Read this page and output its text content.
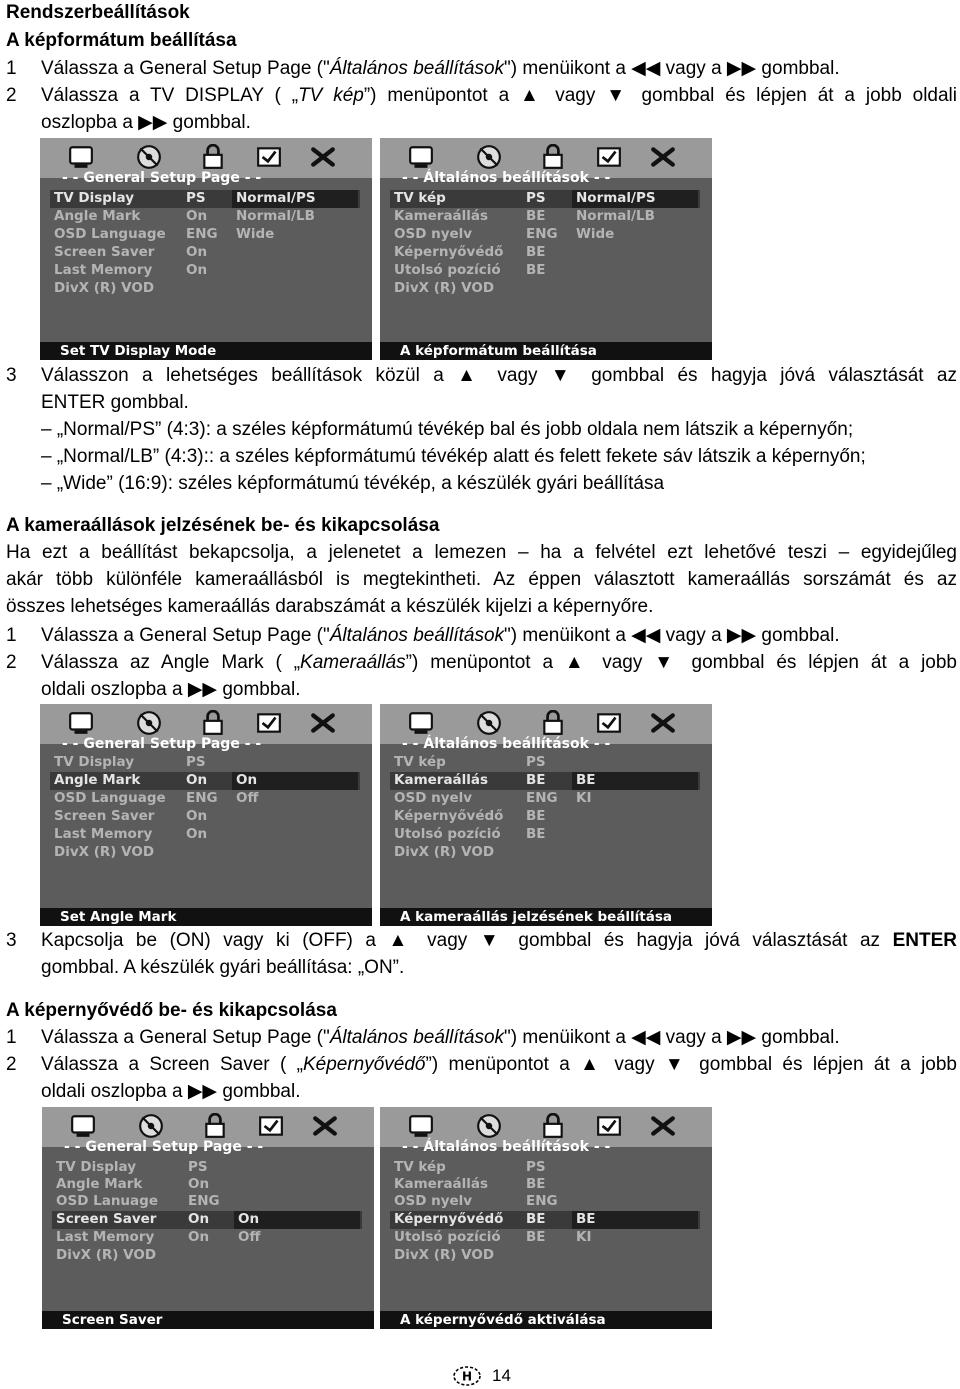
Rendszerbeállítások
A képformátum beállítása
1 Válassza a General Setup Page ("Általános beállítások") menüikont a ◀◀ vagy a ▶▶ gombbal.
2 Válassza a TV DISPLAY ( „TV kép”) menüpontot a ▲ vagy ▼ gombbal és lépjen át a jobb oldali
oszlopba a ▶▶ gombbal.
- - General Setup Page - -
TV Display	PS Normal/PS
Angle Mark	On Normal/LB
OSD Language ENG Wide
Screen Saver On
Last Memory On
DivX (R) VOD
Set TV Display Mode
- - Általános beállítások - -
TV kép	PS Normal/PS
Kameraállás	BE Normal/LB
OSD nyelv	ENG Wide
Képernyővédő BE
Utolsó pozíció BE
DivX (R) VOD
A képformátum beállítása
3 Válasszon a lehetséges beállítások közül a ▲ vagy ▼ gombbal és hagyja jóvá választását az
ENTER gombbal.
– „Normal/PS” (4:3): a széles képformátumú tévékép bal és jobb oldala nem látszik a képernyőn;
– „Normal/LB” (4:3):: a széles képformátumú tévékép alatt és felett fekete sáv látszik a képernyőn;
– „Wide” (16:9): széles képformátumú tévékép, a készülék gyári beállítása
A kameraállások jelzésének be- és kikapcsolása
Ha ezt a beállítást bekapcsolja, a jelenetet a lemezen – ha a felvétel ezt lehetővé teszi – egyidejűleg
akár több különféle kameraállásból is megtekintheti. Az éppen választott kameraállás sorszámát és az
összes lehetséges kameraállás darabszámát a készülék kijelzi a képernyőre.
1 Válassza a General Setup Page ("Általános beállítások") menüikont a ◀◀ vagy a ▶▶ gombbal.
2 Válassza az Angle Mark ( „Kameraállás”) menüpontot a ▲ vagy ▼ gombbal és lépjen át a jobb
oldali oszlopba a ▶▶ gombbal.
- - General Setup Page - -
TV Display	PS
Angle Mark	On On
OSD Language ENG Off
Screen Saver On
Last Memory On
DivX (R) VOD
Set Angle Mark
- - Általános beállítások - -
TV kép	PS
Kameraállás	BE BE
OSD nyelv	ENG KI
Képernyővédő BE
Utolsó pozíció BE
DivX (R) VOD
A kameraállás jelzésének beállítása
3 Kapcsolja be (ON) vagy ki (OFF) a ▲ vagy ▼ gombbal és hagyja jóvá választását az ENTER
gombbal. A készülék gyári beállítása: „ON”.
A képernyővédő be- és kikapcsolása
1 Válassza a General Setup Page ("Általános beállítások") menüikont a ◀◀ vagy a ▶▶ gombbal.
2 Válassza a Screen Saver ( „Képernyővédő”) menüpontot a ▲ vagy ▼ gombbal és lépjen át a jobb
oldali oszlopba a ▶▶ gombbal.
- - General Setup Page - -
TV Display	PS
Angle Mark	On
OSD Lanuage ENG
Screen Saver On On
Last Memory On Off
DivX (R) VOD
Screen Saver
- - Általános beállítások - -
TV kép	PS
Kameraállás	BE
OSD nyelv	ENG
Képernyővédő BE BE
Utolsó pozíció BE KI
DivX (R) VOD
A képernyővédő aktiválása
H 14
